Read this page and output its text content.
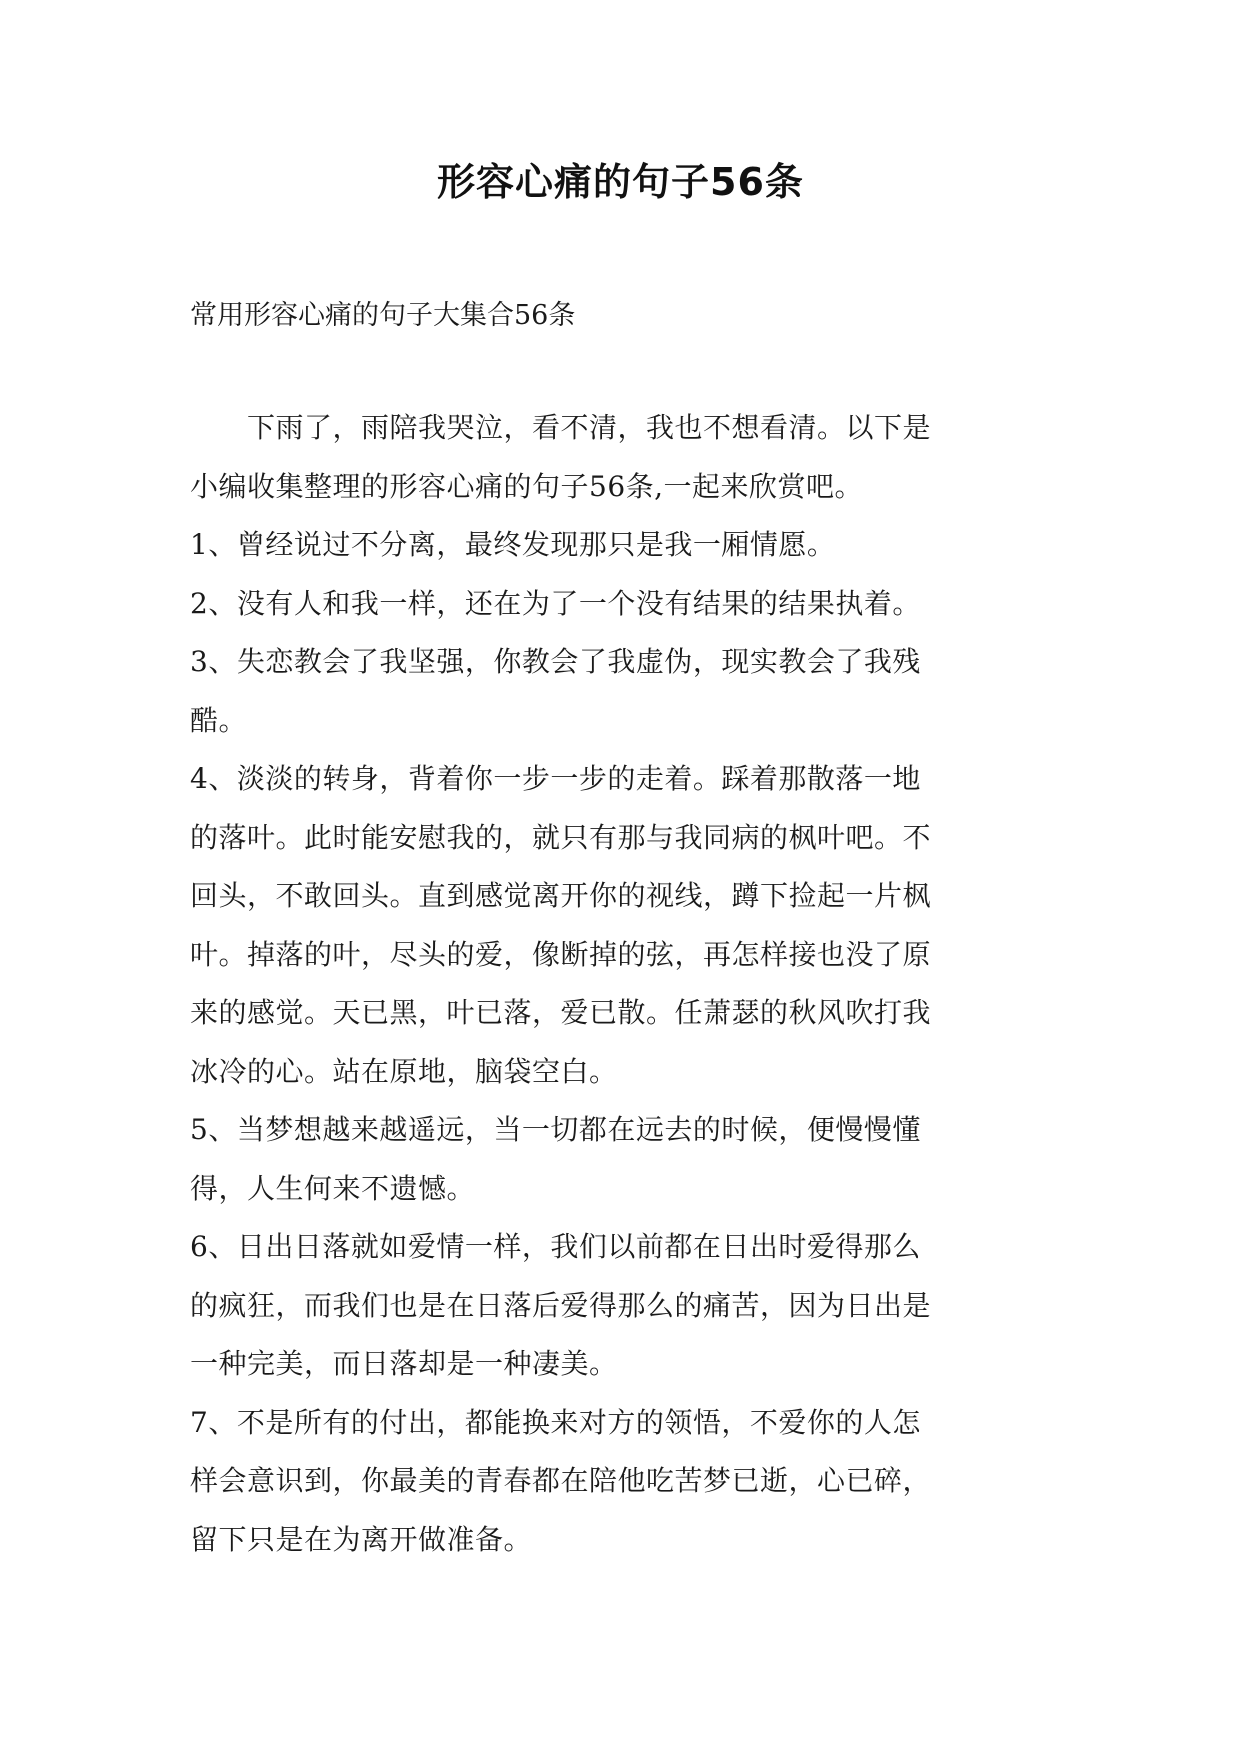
形容心痛的句子56条
常用形容心痛的句子大集合56条
　　下雨了，雨陪我哭泣，看不清，我也不想看清。以下是
小编收集整理的形容心痛的句子56条,一起来欣赏吧。
1、曾经说过不分离，最终发现那只是我一厢情愿。
2、没有人和我一样，还在为了一个没有结果的结果执着。
3、失恋教会了我坚强，你教会了我虚伪，现实教会了我残
酷。
4、淡淡的转身，背着你一步一步的走着。踩着那散落一地
的落叶。此时能安慰我的，就只有那与我同病的枫叶吧。不
回头，不敢回头。直到感觉离开你的视线，蹲下捡起一片枫
叶。掉落的叶，尽头的爱，像断掉的弦，再怎样接也没了原
来的感觉。天已黑，叶已落，爱已散。任萧瑟的秋风吹打我
冰冷的心。站在原地，脑袋空白。
5、当梦想越来越遥远，当一切都在远去的时候，便慢慢懂
得，人生何来不遗憾。
6、日出日落就如爱情一样，我们以前都在日出时爱得那么
的疯狂，而我们也是在日落后爱得那么的痛苦，因为日出是
一种完美，而日落却是一种凄美。
7、不是所有的付出，都能换来对方的领悟，不爱你的人怎
样会意识到，你最美的青春都在陪他吃苦梦已逝，心已碎，
留下只是在为离开做准备。
